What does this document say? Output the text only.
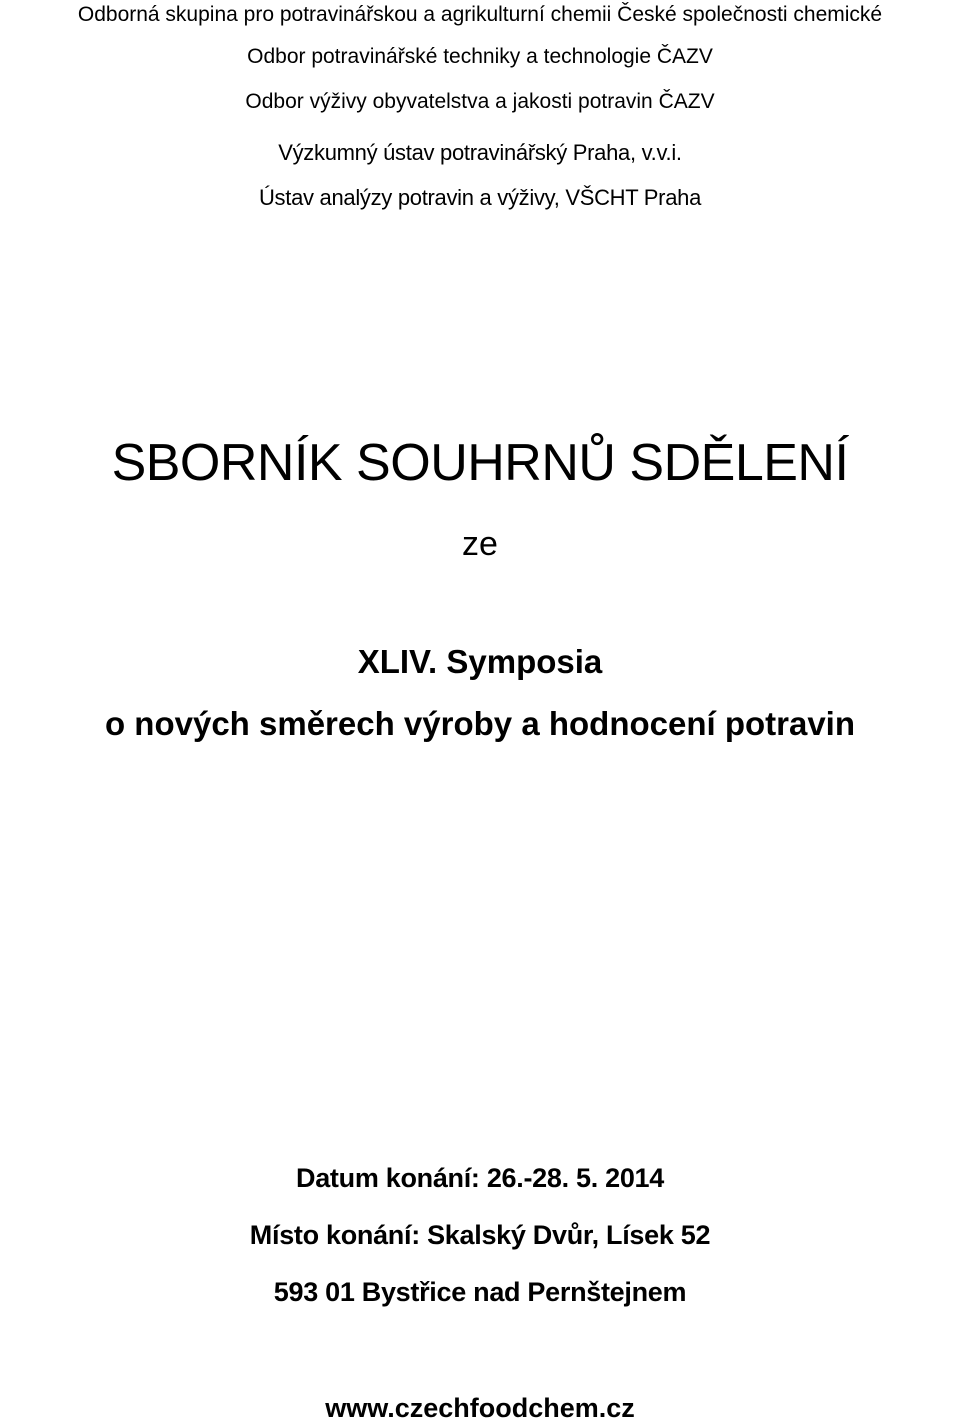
Odborná skupina pro potravinářskou a agrikulturní chemii České společnosti chemické
Odbor potravinářské techniky a technologie ČAZV
Odbor výživy obyvatelstva a jakosti potravin ČAZV
Výzkumný ústav potravinářský Praha, v.v.i.
Ústav analýzy potravin a výživy, VŠCHT Praha
SBORNÍK SOUHRNŮ SDĚLENÍ
ze
XLIV. Symposia
o nových směrech výroby a hodnocení potravin
Datum konání: 26.-28. 5. 2014
Místo konání: Skalský Dvůr, Lísek 52
593 01 Bystřice nad Pernštejnem
www.czechfoodchem.cz
